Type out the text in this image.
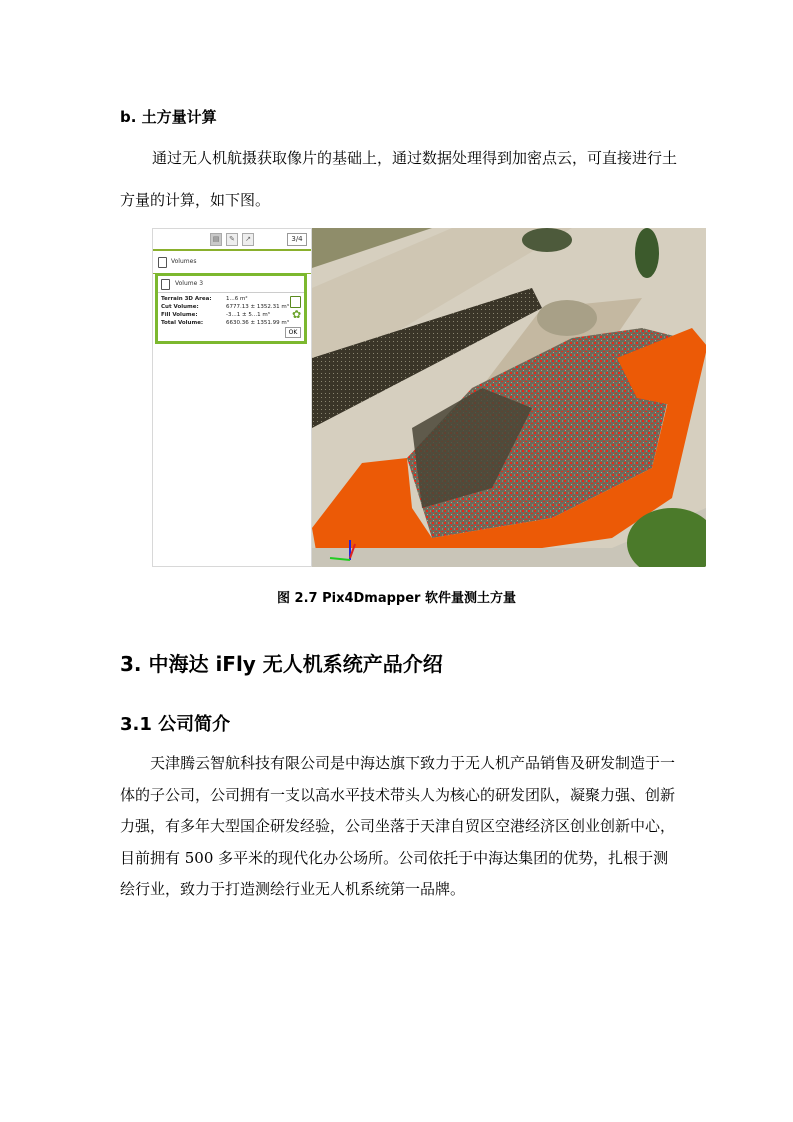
b. 土方量计算
通过无人机航摄获取像片的基础上，通过数据处理得到加密点云，可直接进行土方量的计算，如下图。
▤	✎	↗	3/4
Volumes
Volume 3
Terrain 3D Area:	1...6 m²
Cut Volume:	6777.13 ± 1352.31 m³
Fill Volume:	-3...1 ± 5...1 m³
Total Volume:	6630.36 ± 1351.99 m³
✿
OK
图 2.7 Pix4Dmapper 软件量测土方量
3. 中海达 iFly 无人机系统产品介绍
3.1 公司简介
天津腾云智航科技有限公司是中海达旗下致力于无人机产品销售及研发制造于一体的子公司，公司拥有一支以高水平技术带头人为核心的研发团队，凝聚力强、创新力强，有多年大型国企研发经验，公司坐落于天津自贸区空港经济区创业创新中心，目前拥有 500 多平米的现代化办公场所。公司依托于中海达集团的优势，扎根于测绘行业，致力于打造测绘行业无人机系统第一品牌。
